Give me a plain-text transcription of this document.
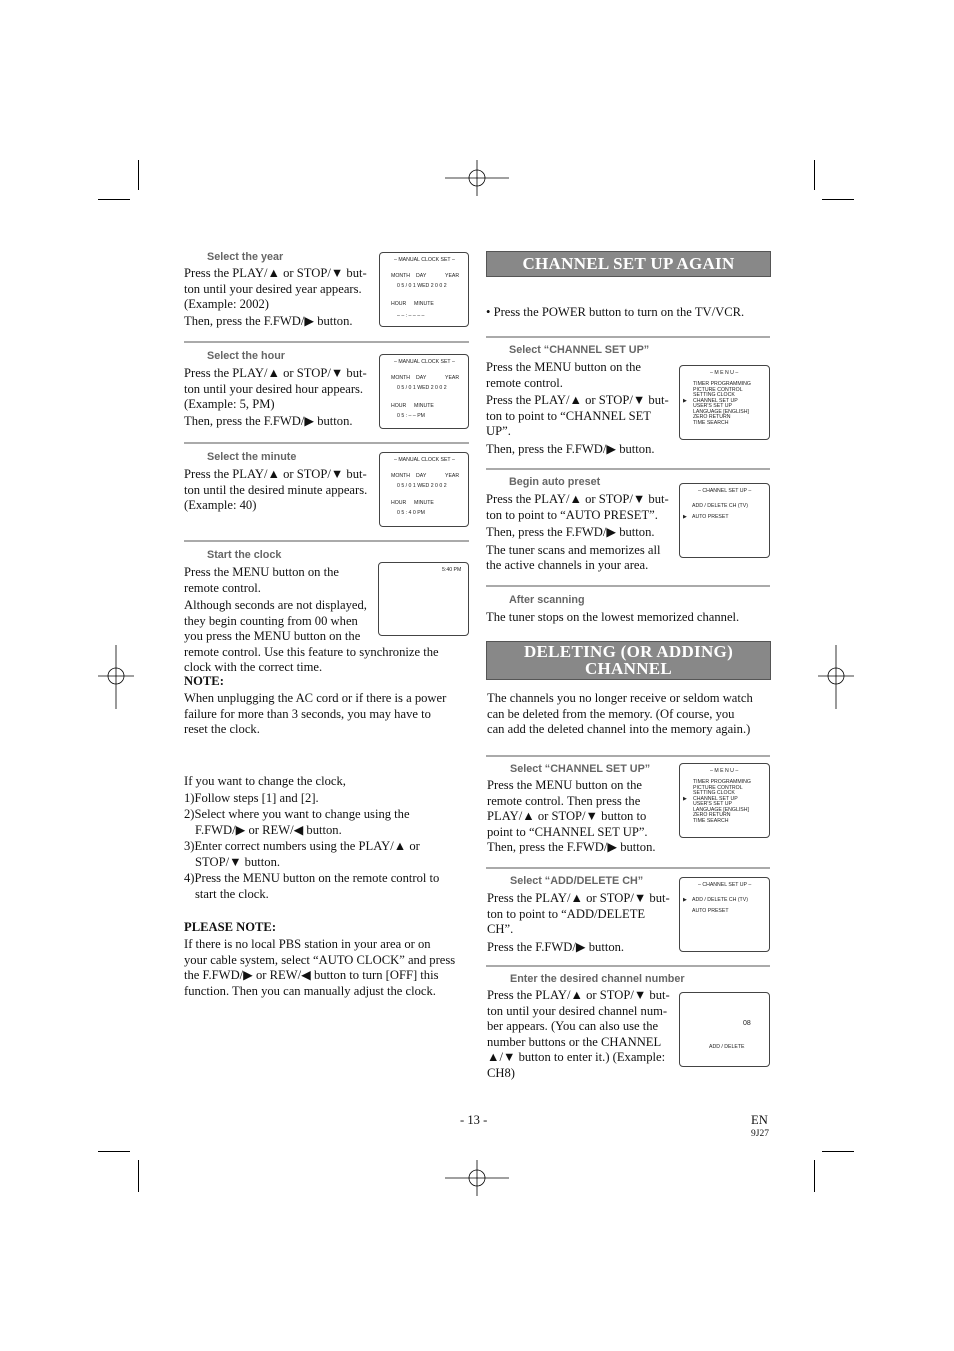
Select the year
Press the PLAY/▲ or STOP/▼ but-
ton until your desired year appears.
(Example: 2002)
Then, press the F.FWD/▶ button.
– MANUAL CLOCK SET –
MONTH DAY	YEAR
0 5 / 0 1 WED 2 0 0 2
HOUR MINUTE
– – : – – – –
Select the hour
Press the PLAY/▲ or STOP/▼ but-
ton until your desired hour appears.
(Example: 5, PM)
Then, press the F.FWD/▶ button.
– MANUAL CLOCK SET –
MONTH DAY	YEAR
0 5 / 0 1 WED 2 0 0 2
HOUR MINUTE
0 5 : – – PM
Select the minute
Press the PLAY/▲ or STOP/▼ but-
ton until the desired minute appears.
(Example: 40)
– MANUAL CLOCK SET –
MONTH DAY	YEAR
0 5 / 0 1 WED 2 0 0 2
HOUR MINUTE
0 5 : 4 0 PM
Start the clock
5:40 PM
Press the MENU button on the
remote control.
Although seconds are not displayed,
they begin counting from 00 when
you press the MENU button on the
remote control. Use this feature to synchronize the
clock with the correct time.
NOTE:
When unplugging the AC cord or if there is a power
failure for more than 3 seconds, you may have to
reset the clock.
If you want to change the clock,
1)Follow steps [1] and [2].
2)Select where you want to change using the
F.FWD/▶ or REW/◀ button.
3)Enter correct numbers using the PLAY/▲ or
STOP/▼ button.
4)Press the MENU button on the remote control to
start the clock.
PLEASE NOTE:
If there is no local PBS station in your area or on
your cable system, select “AUTO CLOCK” and press
the F.FWD/▶ or REW/◀ button to turn [OFF] this
function. Then you can manually adjust the clock.
CHANNEL SET UP AGAIN
• Press the POWER button to turn on the TV/VCR.
Select “CHANNEL SET UP”
Press the MENU button on the
remote control.
Press the PLAY/▲ or STOP/▼ but-
ton to point to “CHANNEL SET
UP”.
Then, press the F.FWD/▶ button.
– M E N U –
TIMER PROGRAMMING
PICTURE CONTROL
SETTING CLOCK
▶ CHANNEL SET UP
USER'S SET UP
LANGUAGE [ENGLISH]
ZERO RETURN
TIME SEARCH
Begin auto preset
Press the PLAY/▲ or STOP/▼ but-
ton to point to “AUTO PRESET”.
Then, press the F.FWD/▶ button.
The tuner scans and memorizes all
the active channels in your area.
– CHANNEL SET UP –
ADD / DELETE CH (TV)
▶ AUTO PRESET
After scanning
The tuner stops on the lowest memorized channel.
DELETING (OR ADDING)
CHANNEL
The channels you no longer receive or seldom watch
can be deleted from the memory. (Of course, you
can add the deleted channel into the memory again.)
Select “CHANNEL SET UP”
Press the MENU button on the
remote control. Then press the
PLAY/▲ or STOP/▼ button to
point to “CHANNEL SET UP”.
Then, press the F.FWD/▶ button.
– M E N U –
TIMER PROGRAMMING
PICTURE CONTROL
SETTING CLOCK
▶ CHANNEL SET UP
USER'S SET UP
LANGUAGE [ENGLISH]
ZERO RETURN
TIME SEARCH
Select “ADD/DELETE CH”
Press the PLAY/▲ or STOP/▼ but-
ton to point to “ADD/DELETE
CH”.
Press the F.FWD/▶ button.
– CHANNEL SET UP –
▶ ADD / DELETE CH (TV)
AUTO PRESET
Enter the desired channel number
Press the PLAY/▲ or STOP/▼ but-
ton until your desired channel num-
ber appears. (You can also use the
number buttons or the CHANNEL
▲/▼ button to enter it.) (Example:
CH8)
08
ADD / DELETE
- 13 -	EN
9J27
